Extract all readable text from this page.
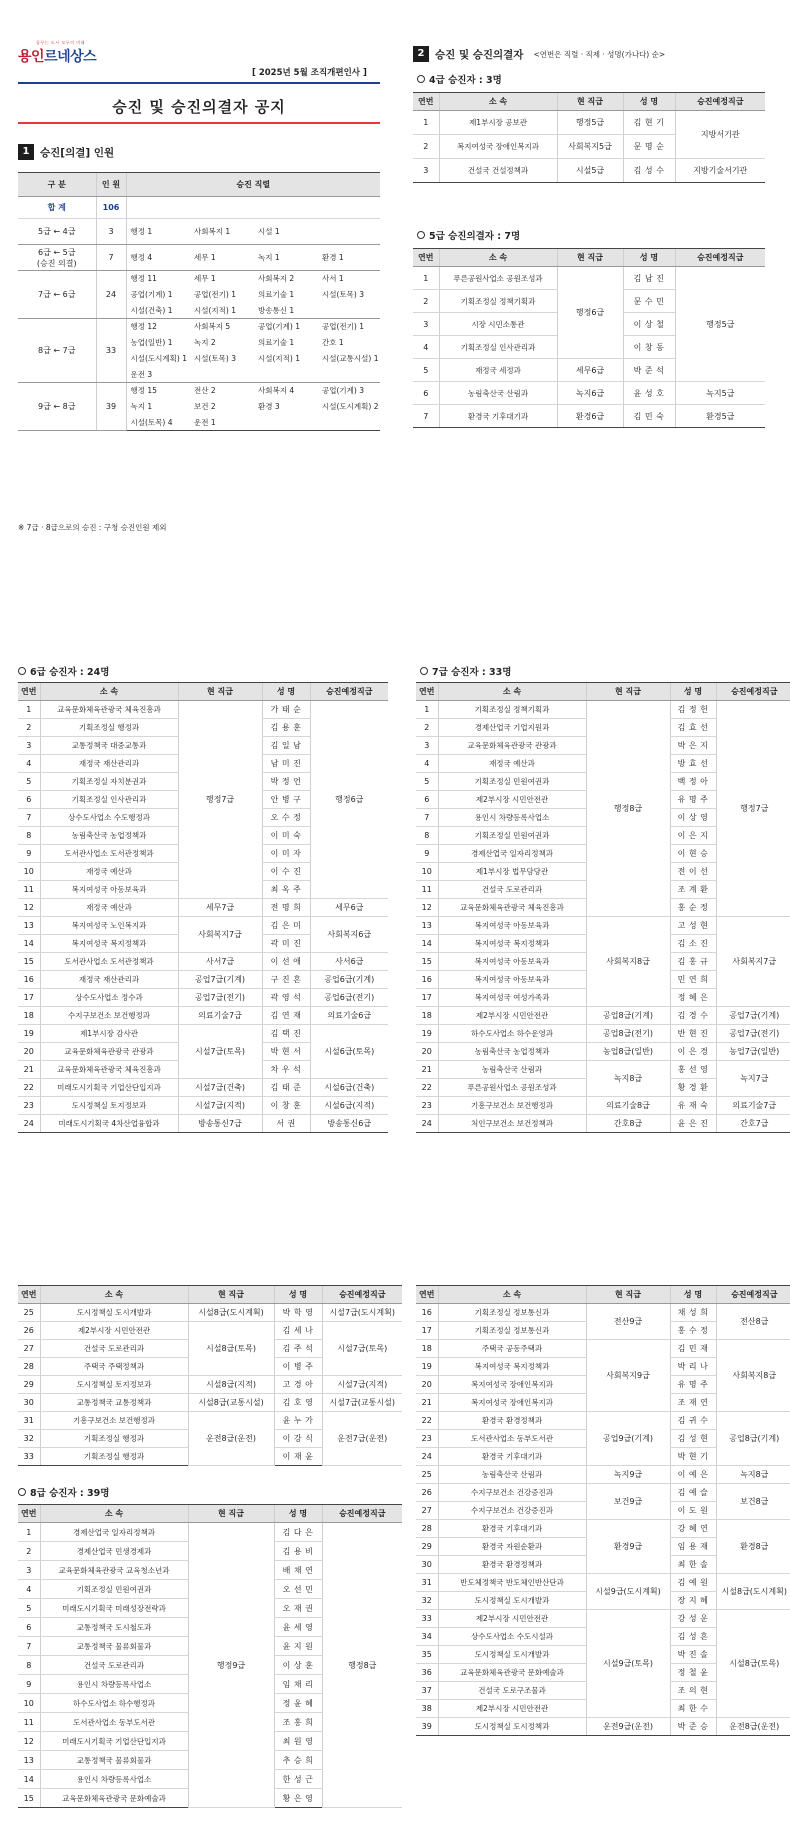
꿈꾸는 도시 모두의 미래
용인르네상스
[ 2025년 5월 조직개편인사 ]
승진 및 승진의결자 공지
1	승진[의결] 인원
구 분	인 원	승진 직렬			
합 계	106				
5급 ← 4급	3	행정 1	사회복지 1	시설 1	
6급 ← 5급
(승진 의결)	7	행정 4	세무 1	녹지 1	환경 1
7급 ← 6급	24	행정 11	세무 1	사회복지 2	사서 1
		공업(기계) 1	공업(전기) 1	의료기술 1	시설(토목) 3
		시설(건축) 1	시설(지적) 1	방송통신 1	
8급 ← 7급	33	행정 12	사회복지 5	공업(기계) 1	공업(전기) 1
		농업(일반) 1	녹지 2	의료기술 1	간호 1
		시설(도시계획) 1	시설(토목) 3	시설(지적) 1	시설(교통시설) 1
		운전 3			
9급 ← 8급	39	행정 15	전산 2	사회복지 4	공업(기계) 3
		녹지 1	보건 2	환경 3	시설(도시계획) 2
		시설(토목) 4	운전 1		
※ 7급 · 8급으로의 승진 : 구청 승진인원 제외
2	승진 및 승진의결자 <연번은 직렬 · 직제 · 성명(가나다) 순>
4급 승진자 : 3명
연번	소 속	현 직급	성 명	승진예정직급
1	제1부시장 공보관	행정5급	김 현 기	지방서기관
2	복지여성국 장애인복지과	사회복지5급	문 명 순	
3	건설국 건설정책과	시설5급	김 성 수	지방기술서기관
5급 승진의결자 : 7명
연번	소 속	현 직급	성 명	승진예정직급
1	푸른공원사업소 공원조성과	행정6급	김 남 진	행정5급
2	기획조정실 정책기획과		문 수 민	
3	시장 시민소통관		이 상 철	
4	기획조정실 인사관리과		이 창 동	
5	재정국 세정과	세무6급	박 준 석	
6	농림축산국 산림과	녹지6급	윤 성 호	녹지5급
7	환경국 기후대기과	환경6급	김 민 숙	환경5급
6급 승진자 : 24명
연번	소 속	현 직급	성 명	승진예정직급
1	교육문화체육관광국 체육진흥과	행정7급	가 태 순	행정6급
2	기획조정실 행정과		김 용 훈	
3	교통정책국 대중교통과		김 일 남	
4	재정국 재산관리과		남 미 진	
5	기획조정실 자치분권과		박 정 언	
6	기획조정실 인사관리과		안 병 구	
7	상수도사업소 수도행정과		오 수 정	
8	농림축산국 농업정책과		이 미 숙	
9	도서관사업소 도서관정책과		이 미 자	
10	재정국 예산과		이 수 진	
11	복지여성국 아동보육과		최 옥 주	
12	재정국 예산과	세무7급	전 명 희	세무6급
13	복지여성국 노인복지과	사회복지7급	김 은 미	사회복지6급
14	복지여성국 복지정책과		곽 미 진	
15	도서관사업소 도서관정책과	사서7급	이 선 애	사서6급
16	재정국 재산관리과	공업7급(기계)	구 진 혼	공업6급(기계)
17	상수도사업소 정수과	공업7급(전기)	곽 영 석	공업6급(전기)
18	수지구보건소 보건행정과	의료기술7급	김 연 재	의료기술6급
19	제1부시장 감사관	시설7급(토목)	김 택 진	시설6급(토목)
20	교육문화체육관광국 관광과		박 현 서	
21	교육문화체육관광국 체육진흥과		차 우 석	
22	미래도시기획국 기업산단입지과	시설7급(건축)	김 태 준	시설6급(건축)
23	도시정책실 토지정보과	시설7급(지적)	이 창 훈	시설6급(지적)
24	미래도시기획국 4차산업융합과	방송통신7급	서 권	방송통신6급
7급 승진자 : 33명
연번	소 속	현 직급	성 명	승진예정직급
1	기획조정실 정책기획과	행정8급	김 정 헌	행정7급
2	경제산업국 기업지원과		김 효 선	
3	교육문화체육관광국 관광과		박 은 지	
4	재정국 예산과		방 효 선	
5	기획조정실 민원여권과		백 정 아	
6	제2부시장 시민안전관		유 명 주	
7	용인시 차량등록사업소		이 상 영	
8	기획조정실 민원여권과		이 은 지	
9	경제산업국 일자리정책과		이 현 승	
10	제1부시장 법무담당관		전 이 선	
11	건설국 도로관리과		조 계 환	
12	교육문화체육관광국 체육진흥과		홍 순 정	
13	복지여성국 아동보육과	사회복지8급	고 성 현	사회복지7급
14	복지여성국 복지정책과		김 소 진	
15	복지여성국 아동보육과		김 홍 규	
16	복지여성국 아동보육과		민 연 희	
17	복지여성국 여성가족과		정 혜 은	
18	제2부시장 시민안전관	공업8급(기계)	김 경 수	공업7급(기계)
19	하수도사업소 하수운영과	공업8급(전기)	반 현 진	공업7급(전기)
20	농림축산국 농업정책과	농업8급(일반)	이 은 경	농업7급(일반)
21	농림축산국 산림과	녹지8급	홍 선 영	녹지7급
22	푸른공원사업소 공원조성과		황 경 환	
23	기흥구보건소 보건행정과	의료기술8급	유 재 숙	의료기술7급
24	처인구보건소 보건정책과	간호8급	윤 은 진	간호7급
연번	소 속	현 직급	성 명	승진예정직급
25	도시정책실 도시개발과	시설8급(도시계획)	박 학 영	시설7급(도시계획)
26	제2부시장 시민안전관	시설8급(토목)	김 세 나	시설7급(토목)
27	건설국 도로관리과		김 주 석	
28	주택국 주택정책과		이 병 주	
29	도시정책실 토지정보과	시설8급(지적)	고 경 아	시설7급(지적)
30	교통정책국 교통정책과	시설8급(교통시설)	김 호 영	시설7급(교통시설)
31	기흥구보건소 보건행정과	운전8급(운전)	윤 누 가	운전7급(운전)
32	기획조정실 행정과		이 강 식	
33	기획조정실 행정과		이 재 윤	
8급 승진자 : 39명
연번	소 속	현 직급	성 명	승진예정직급
1	경제산업국 일자리정책과	행정9급	김 다 은	행정8급
2	경제산업국 민생경제과		김 용 비	
3	교육문화체육관광국 교육청소년과		배 채 연	
4	기획조정실 민원여권과		오 선 민	
5	미래도시기획국 미래성장전략과		오 재 권	
6	교통정책국 도시철도과		윤 세 영	
7	교통정책국 물류회물과		윤 지 원	
8	건설국 도로관리과		이 상 훈	
9	용인시 차량등록사업소		임 채 리	
10	하수도사업소 하수행정과		정 윤 혜	
11	도서관사업소 동부도서관		조 홍 희	
12	미래도시기획국 기업산단입지과		최 원 영	
13	교통정책국 물류회물과		추 승 희	
14	용인시 차량등록사업소		한 성 근	
15	교육문화체육관광국 문화예술과		황 은 영	
연번	소 속	현 직급	성 명	승진예정직급
16	기획조정실 정보통신과	전산9급	채 성 희	전산8급
17	기획조정실 정보통신과		홍 수 정	
18	주택국 공동주택과	사회복지9급	김 민 재	사회복지8급
19	복지여성국 복지정책과		박 리 나	
20	복지여성국 장애인복지과		유 명 주	
21	복지여성국 장애인복지과		조 재 연	
22	환경국 환경정책과	공업9급(기계)	김 귀 수	공업8급(기계)
23	도서관사업소 동부도서관		김 성 현	
24	환경국 기후대기과		박 현 기	
25	농림축산국 산림과	녹지9급	이 예 은	녹지8급
26	수지구보건소 건강증진과	보건9급	김 예 슬	보건8급
27	수지구보건소 건강증진과		이 도 원	
28	환경국 기후대기과	환경9급	강 혜 연	환경8급
29	환경국 자원순환과		임 용 재	
30	환경국 환경정책과		최 한 솔	
31	반도체정책국 반도체인반산단과	시설9급(도시계획)	김 예 원	시설8급(도시계획)
32	도시정책실 도시개발과		장 지 혜	
33	제2부시장 시민안전관	시설9급(토목)	강 성 운	시설8급(토목)
34	상수도사업소 수도시설과		김 성 흔	
35	도시정책실 도시개발과		박 진 솔	
36	교육문화체육관광국 문화예술과		정 철 윤	
37	건설국 도로구조물과		조 의 현	
38	제2부시장 시민안전관		최 한 수	
39	도시정책실 도시정책과	운전9급(운전)	박 준 승	운전8급(운전)
